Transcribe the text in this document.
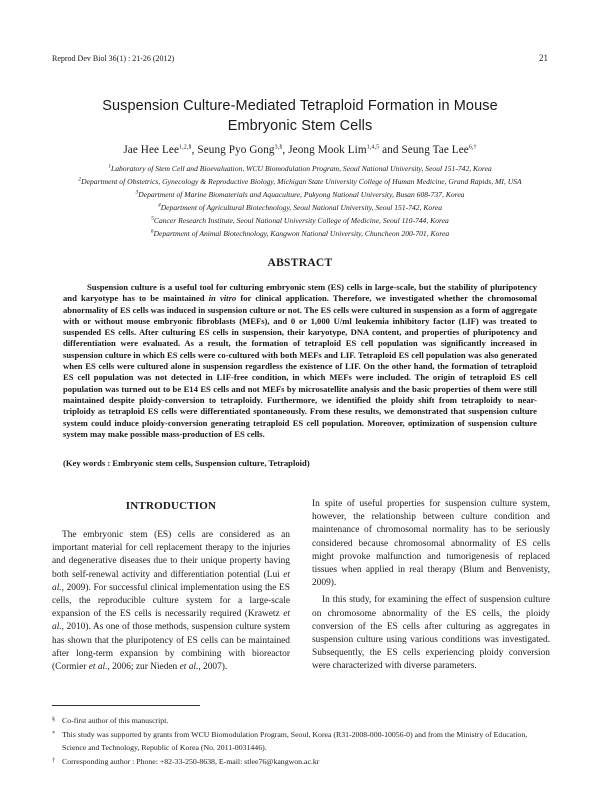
Reprod Dev Biol 36(1) : 21-26 (2012)	21
Suspension Culture-Mediated Tetraploid Formation in Mouse
Embryonic Stem Cells
Jae Hee Lee$^{1,2,\S}$, Seung Pyo Gong$^{3,\S}$, Jeong Mook Lim$^{1,4,5}$ and Seung Tae Lee$^{6,\dagger}$
$^1$Laboratory of Stem Cell and Bioevaluation, WCU Biomodulation Program, Seoul National University, Seoul 151-742, Korea
$^2$Department of Obstetrics, Gynecology & Reproductive Biology, Michigan State University College of Human Medicine, Grand Rapids, MI, USA
$^3$Department of Marine Biomaterials and Aquaculture, Pukyong National University, Busan 608-737, Korea
$^4$Department of Agricultural Biotechnology, Seoul National University, Seoul 151-742, Korea
$^5$Cancer Research Institute, Seoul National University College of Medicine, Seoul 110-744, Korea
$^6$Department of Animal Biotechnology, Kangwon National University, Chuncheon 200-701, Korea
ABSTRACT

Suspension culture is a useful tool for culturing embryonic stem (ES) cells in large-scale, but the stability of pluripotency and karyotype has to be maintained in vitro for clinical application. Therefore, we investigated whether the chromosomal abnormality of ES cells was induced in suspension culture or not. The ES cells were cultured in suspension as a form of aggregate with or without mouse embryonic fibroblasts (MEFs), and 0 or 1,000 U/ml leukemia inhibitory factor (LIF) was treated to suspended ES cells. After culturing ES cells in suspension, their karyotype, DNA content, and properties of pluripotency and differentiation were evaluated. As a result, the formation of tetraploid ES cell population was significantly increased in suspension culture in which ES cells were co-cultured with both MEFs and LIF. Tetraploid ES cell population was also generated when ES cells were cultured alone in suspension regardless the existence of LIF. On the other hand, the formation of tetraploid ES cell population was not detected in LIF-free condition, in which MEFs were included. The origin of tetraploid ES cell population was turned out to be E14 ES cells and not MEFs by microsatellite analysis and the basic properties of them were still maintained despite ploidy-conversion to tetraploidy. Furthermore, we identified the ploidy shift from tetraploidy to near-triploidy as tetraploid ES cells were differentiated spontaneously. From these results, we demonstrated that suspension culture system could induce ploidy-conversion generating tetraploid ES cell population. Moreover, optimization of suspension culture system may make possible mass-production of ES cells.

(Key words : Embryonic stem cells, Suspension culture, Tetraploid)

INTRODUCTION

The embryonic stem (ES) cells are considered as an important material for cell replacement therapy to the injuries and degenerative diseases due to their unique property having both self-renewal activity and differentiation potential (Lui et al., 2009). For successful clinical implementation using the ES cells, the reproducible culture system for a large-scale expansion of the ES cells is necessarily required (Krawetz et al., 2010). As one of those methods, suspension culture system has shown that the pluripotency of ES cells can be maintained after long-term expansion by combining with bioreactor (Cormier et al., 2006; zur Nieden et al., 2007).

In spite of useful properties for suspension culture system, however, the relationship between culture condition and maintenance of chromosomal normality has to be seriously considered because chromosomal abnormality of ES cells might provoke malfunction and tumorigenesis of replaced tissues when applied in real therapy (Blum and Benvenisty, 2009).

In this study, for examining the effect of suspension culture on chromosome abnormality of the ES cells, the ploidy conversion of the ES cells after culturing as aggregates in suspension culture using various conditions was investigated. Subsequently, the ES cells experiencing ploidy conversion were characterized with diverse parameters.

§ Co-first author of this manuscript.
* This study was supported by grants from WCU Biomodulation Program, Seoul, Korea (R31-2008-000-10056-0) and from the Ministry of Education, Science and Technology, Republic of Korea (No. 2011-0031446).
† Corresponding author : Phone: +82-33-250-8638, E-mail: stlee76@kangwon.ac.kr
